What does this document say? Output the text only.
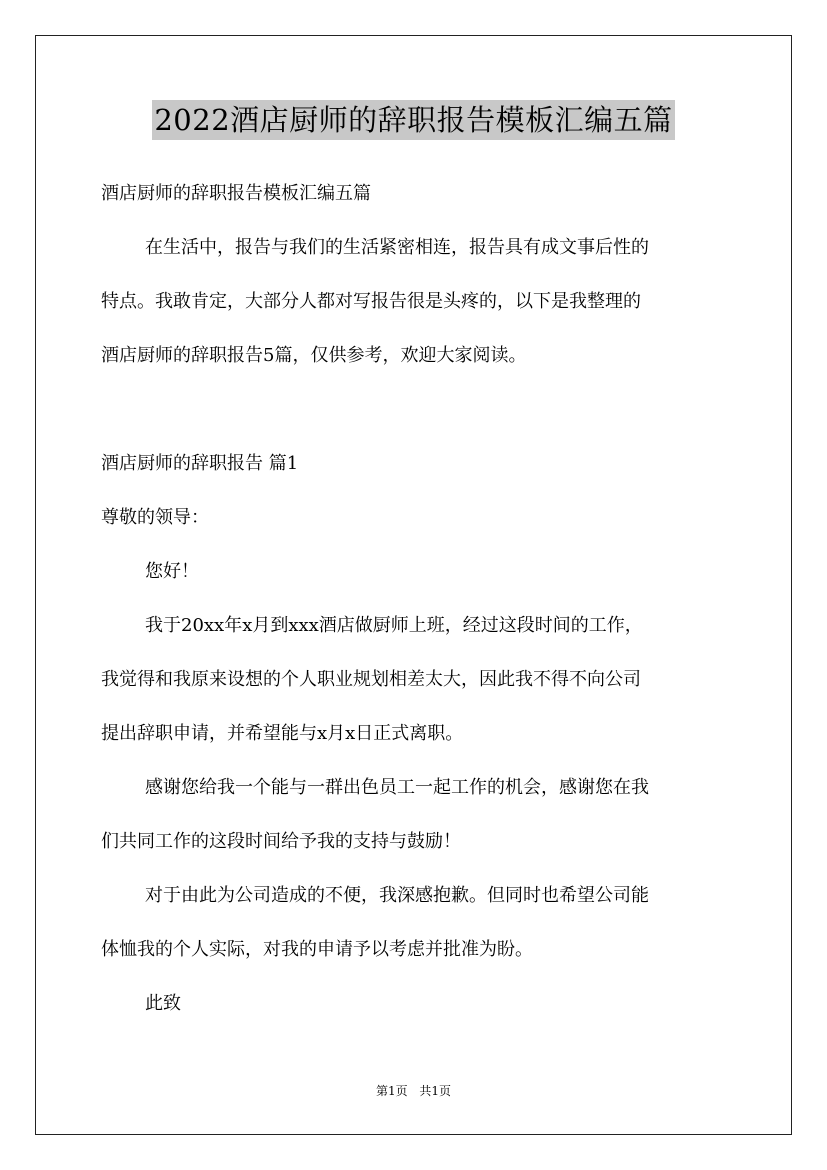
2022酒店厨师的辞职报告模板汇编五篇
酒店厨师的辞职报告模板汇编五篇
在生活中，报告与我们的生活紧密相连，报告具有成文事后性的
特点。我敢肯定，大部分人都对写报告很是头疼的，以下是我整理的
酒店厨师的辞职报告5篇，仅供参考，欢迎大家阅读。
酒店厨师的辞职报告 篇1
尊敬的领导：
您好！
我于20xx年x月到xxx酒店做厨师上班，经过这段时间的工作，
我觉得和我原来设想的个人职业规划相差太大，因此我不得不向公司
提出辞职申请，并希望能与x月x日正式离职。
感谢您给我一个能与一群出色员工一起工作的机会，感谢您在我
们共同工作的这段时间给予我的支持与鼓励！
对于由此为公司造成的不便，我深感抱歉。但同时也希望公司能
体恤我的个人实际，对我的申请予以考虑并批准为盼。
此致
第1页 共1页
